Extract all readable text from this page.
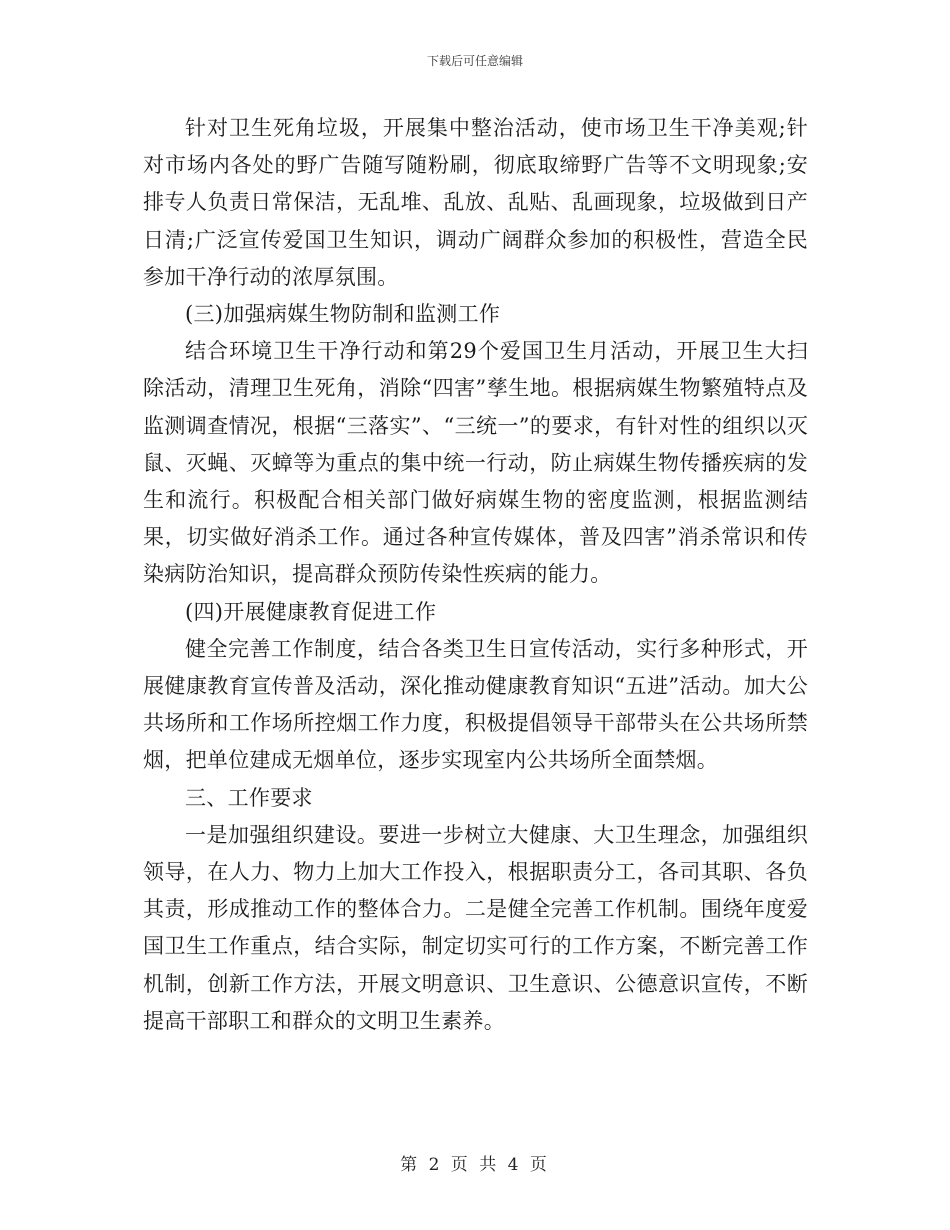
下载后可任意编辑

针对卫生死角垃圾，开展集中整治活动，使市场卫生干净美观;针对市场内各处的野广告随写随粉刷，彻底取缔野广告等不文明现象;安排专人负责日常保洁，无乱堆、乱放、乱贴、乱画现象，垃圾做到日产日清;广泛宣传爱国卫生知识，调动广阔群众参加的积极性，营造全民参加干净行动的浓厚氛围。

(三)加强病媒生物防制和监测工作

结合环境卫生干净行动和第29个爱国卫生月活动，开展卫生大扫除活动，清理卫生死角，消除“四害”孳生地。根据病媒生物繁殖特点及监测调查情况，根据“三落实”、“三统一”的要求，有针对性的组织以灭鼠、灭蝇、灭蟑等为重点的集中统一行动，防止病媒生物传播疾病的发生和流行。积极配合相关部门做好病媒生物的密度监测，根据监测结果，切实做好消杀工作。通过各种宣传媒体，普及四害”消杀常识和传染病防治知识，提高群众预防传染性疾病的能力。

(四)开展健康教育促进工作

健全完善工作制度，结合各类卫生日宣传活动，实行多种形式，开展健康教育宣传普及活动，深化推动健康教育知识“五进”活动。加大公共场所和工作场所控烟工作力度，积极提倡领导干部带头在公共场所禁烟，把单位建成无烟单位，逐步实现室内公共场所全面禁烟。

三、工作要求

一是加强组织建设。要进一步树立大健康、大卫生理念，加强组织领导，在人力、物力上加大工作投入，根据职责分工，各司其职、各负其责，形成推动工作的整体合力。二是健全完善工作机制。围绕年度爱国卫生工作重点，结合实际，制定切实可行的工作方案，不断完善工作机制，创新工作方法，开展文明意识、卫生意识、公德意识宣传，不断提高干部职工和群众的文明卫生素养。

第 2 页 共 4 页
